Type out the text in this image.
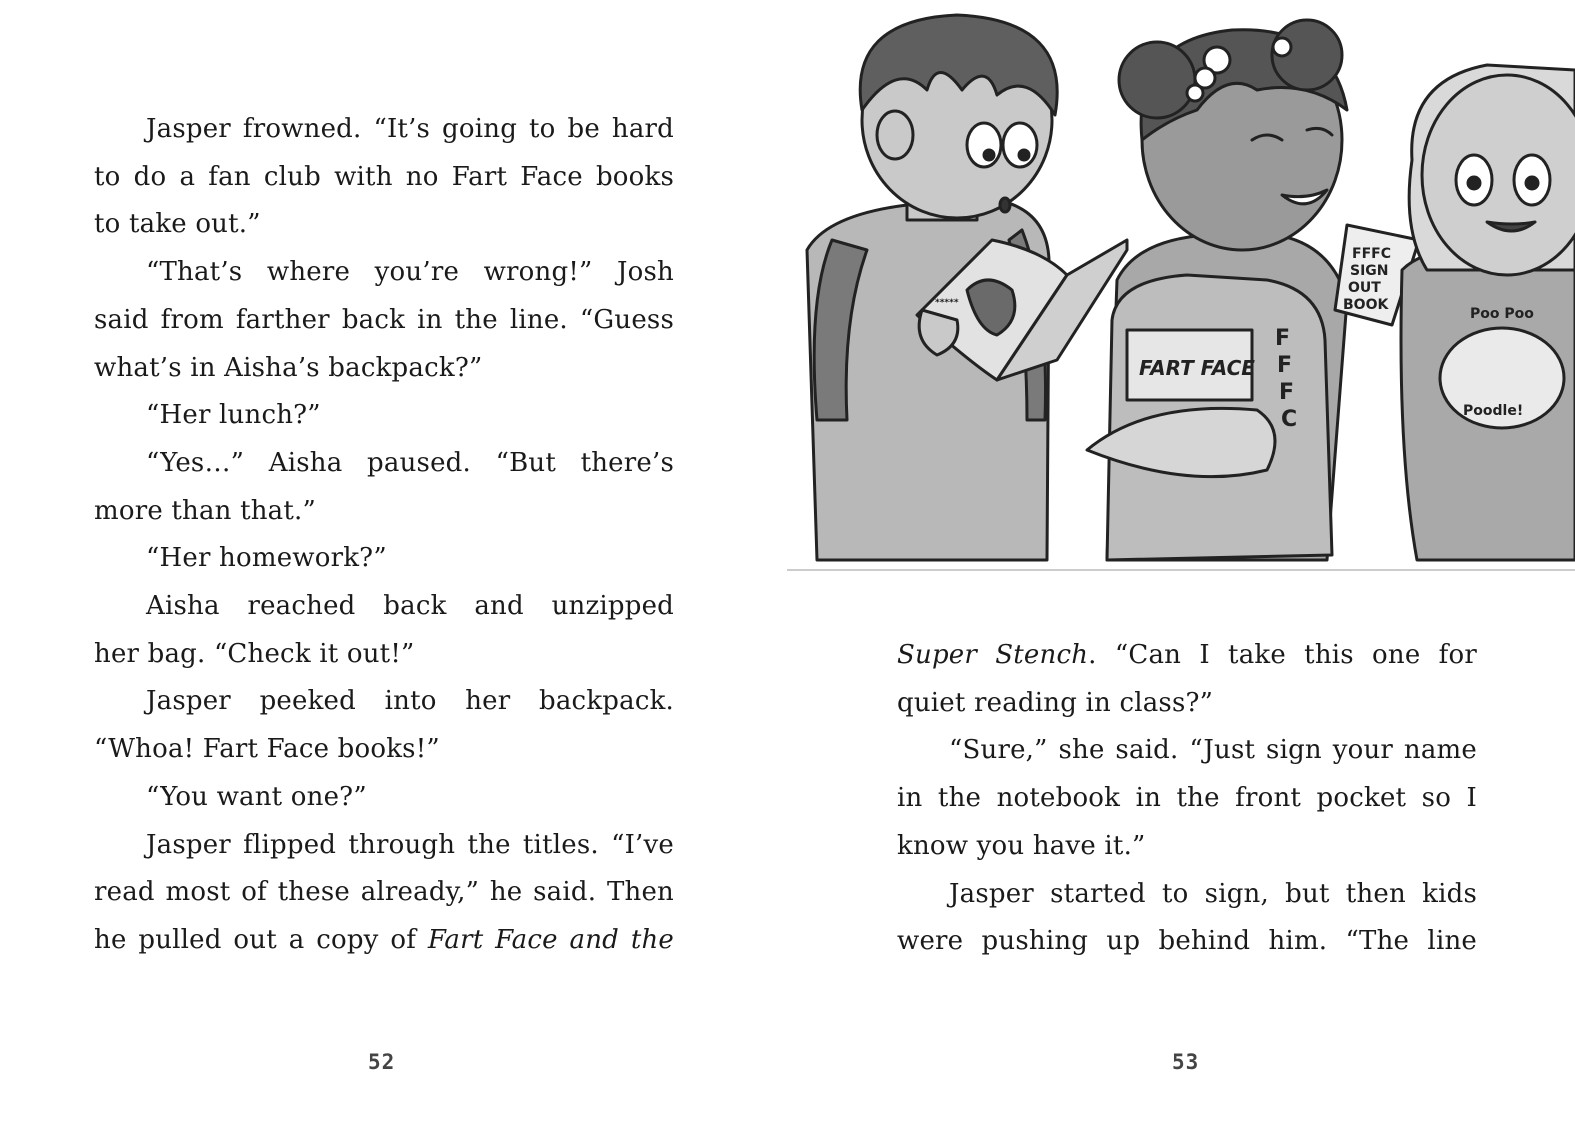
Jasper frowned. “It’s going to be hard
to do a fan club with no Fart Face books
to take out.”
“That’s where you’re wrong!” Josh
said from farther back in the line. “Guess
what’s in Aisha’s backpack?”
“Her lunch?”
“Yes…” Aisha paused. “But there’s
more than that.”
“Her homework?”
Aisha reached back and unzipped
her bag. “Check it out!”
Jasper peeked into her backpack.
“Whoa! Fart Face books!”
“You want one?”
Jasper flipped through the titles. “I’ve
read most of these already,” he said. Then
he pulled out a copy of Fart Face and the
52
*****
FART FACE
F
F
F
C
FFFC
SIGN
OUT
BOOK
Poo Poo
Poodle!
Super Stench. “Can I take this one for
quiet reading in class?”
“Sure,” she said. “Just sign your name
in the notebook in the front pocket so I
know you have it.”
Jasper started to sign, but then kids
were pushing up behind him. “The line
53
